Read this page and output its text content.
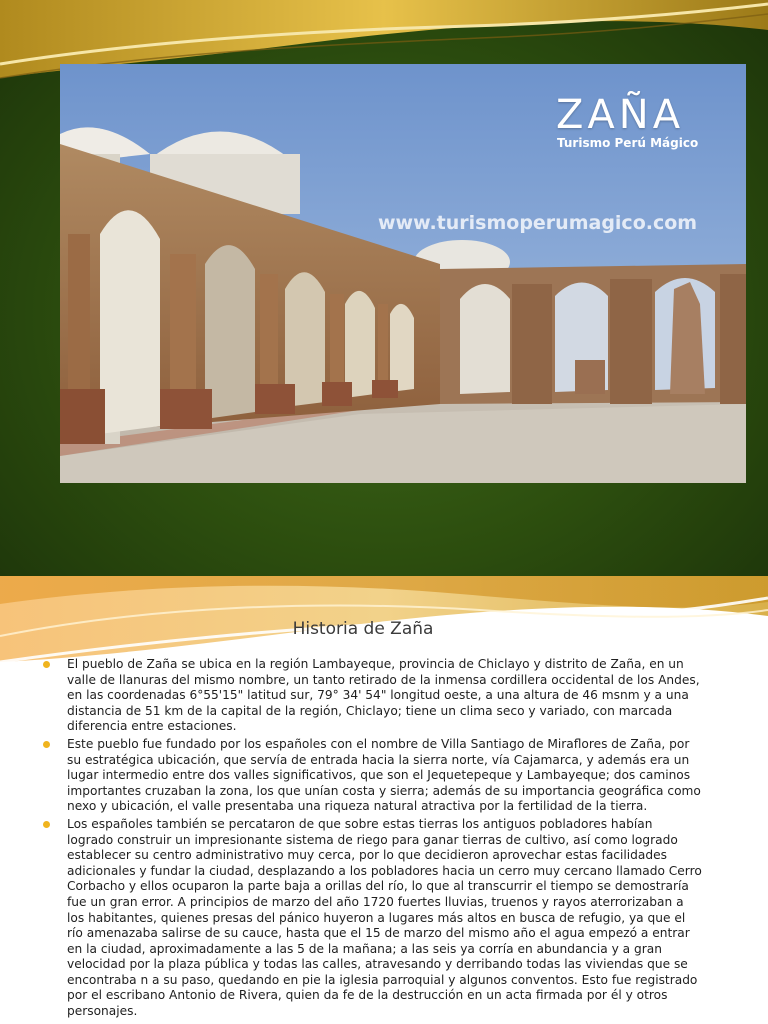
ZAÑA
Turismo Perú Mágico
www.turismoperumagico.com
Historia de Zaña
El pueblo de Zaña se ubica en la región Lambayeque, provincia de Chiclayo y distrito de Zaña, en un valle de llanuras del mismo nombre, un tanto retirado de la inmensa cordillera occidental de los Andes, en las coordenadas 6°55'15" latitud sur, 79° 34' 54" longitud oeste, a una altura de 46 msnm y a una distancia de 51 km de la capital de la región, Chiclayo; tiene un clima seco y variado, con marcada diferencia entre estaciones.
Este pueblo fue fundado por los españoles con el nombre de Villa Santiago de Miraflores de Zaña, por su estratégica ubicación, que servía de entrada hacia la sierra norte, vía Cajamarca, y además era un lugar intermedio entre dos valles significativos, que son el Jequetepeque y Lambayeque; dos caminos importantes cruzaban la zona, los que unían costa y sierra; además de su importancia geográfica como nexo y ubicación, el valle presentaba una riqueza natural atractiva por la fertilidad de la tierra.
Los españoles también se percataron de que sobre estas tierras los antiguos pobladores habían logrado construir un impresionante sistema de riego para ganar tierras de cultivo, así como logrado establecer su centro administrativo muy cerca, por lo que decidieron aprovechar estas facilidades adicionales y fundar la ciudad, desplazando a los pobladores hacia un cerro muy cercano llamado Cerro Corbacho y ellos ocuparon la parte baja a orillas del río, lo que al transcurrir el tiempo se demostraría fue un gran error. A principios de marzo del año 1720 fuertes lluvias, truenos y rayos aterrorizaban a los habitantes, quienes presas del pánico huyeron a lugares más altos en busca de refugio, ya que el río amenazaba salirse de su cauce, hasta que el 15 de marzo del mismo año el agua empezó a entrar en la ciudad, aproximadamente a las 5 de la mañana; a las seis ya corría en abundancia y a gran velocidad por la plaza pública y todas las calles, atravesando y derribando todas las viviendas que se encontraba n a su paso, quedando en pie la iglesia parroquial y algunos conventos. Esto fue registrado por el escribano Antonio de Rivera, quien da fe de la destrucción en un acta firmada por él y otros personajes.
